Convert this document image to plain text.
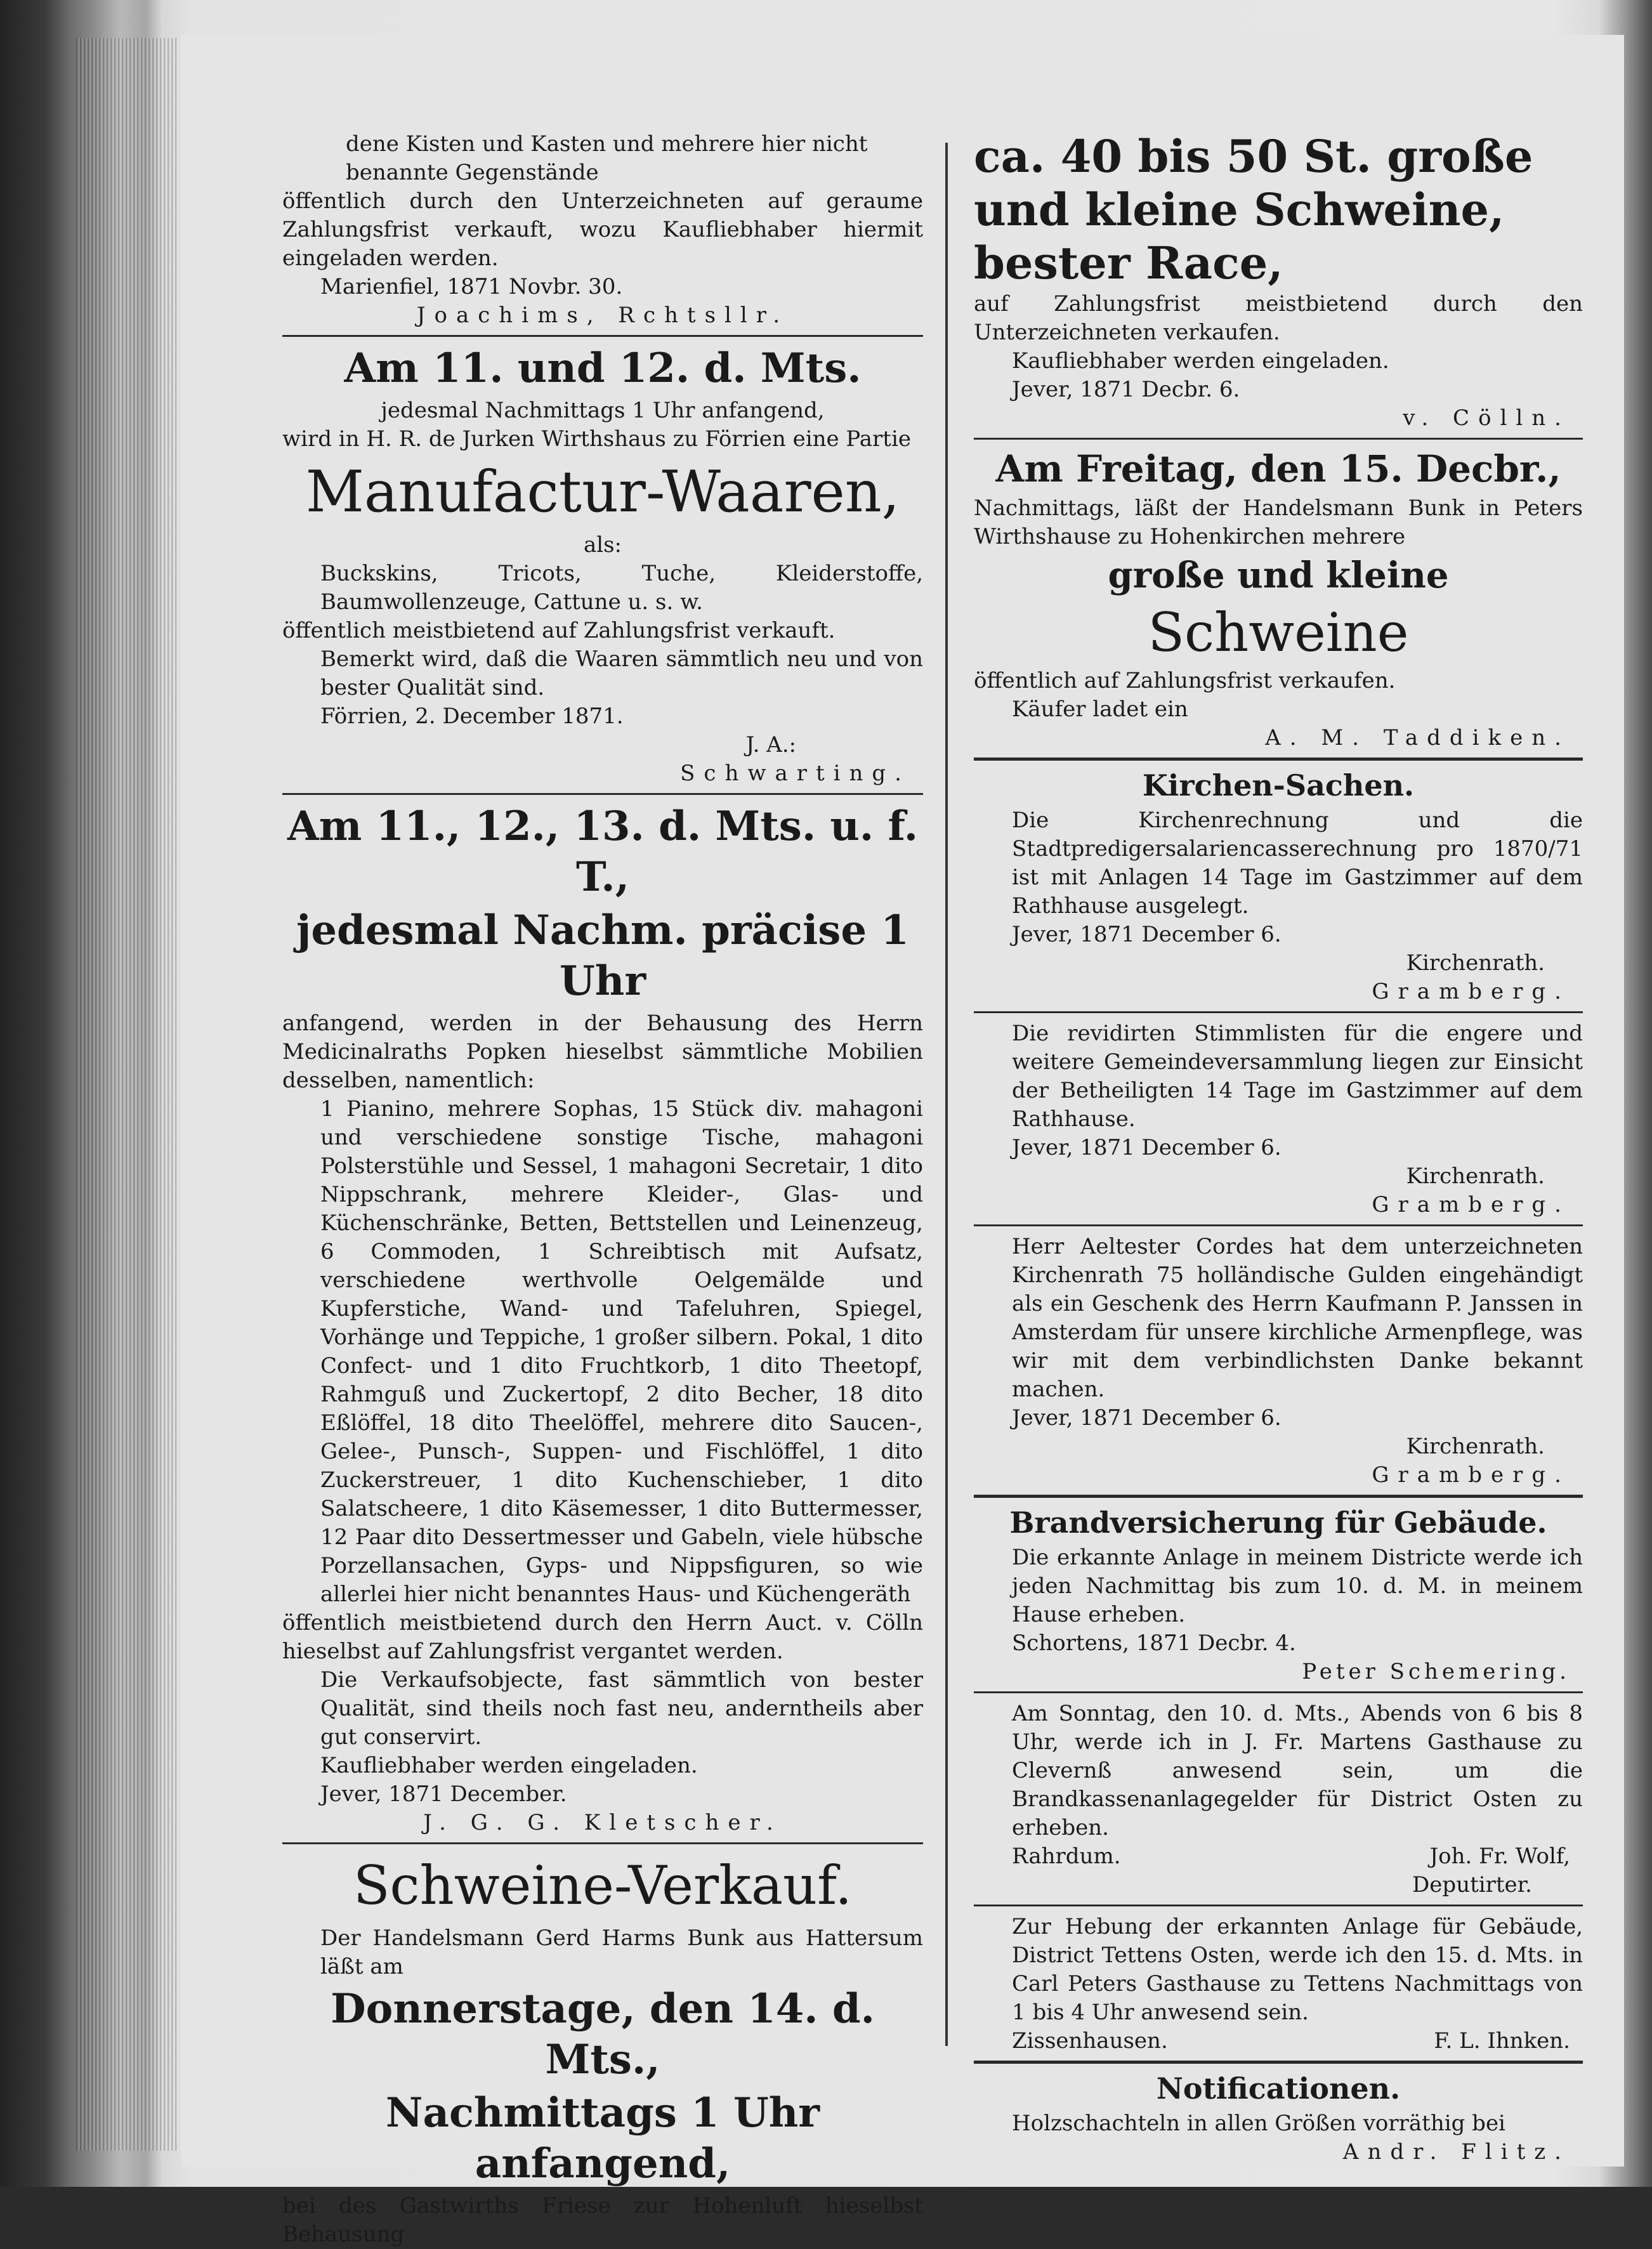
dene Kisten und Kasten und mehrere hier nicht

benannte Gegenstände

öffentlich durch den Unterzeichneten auf geraume Zahlungsfrist verkauft, wozu Kaufliebhaber hiermit eingeladen werden.

Marienfiel, 1871 Novbr. 30.

Joachims, Rchtsllr.

Am 11. und 12. d. Mts.

jedesmal Nachmittags 1 Uhr anfangend,

wird in H. R. de Jurken Wirthshaus zu Förrien eine Partie

Manufactur-Waaren,

als:

Buckskins, Tricots, Tuche, Kleiderstoffe, Baumwollenzeuge, Cattune u. s. w.

öffentlich meistbietend auf Zahlungsfrist verkauft.

Bemerkt wird, daß die Waaren sämmtlich neu und von bester Qualität sind.

Förrien, 2. December 1871.

J. A.:

Schwarting.

Am 11., 12., 13. d. Mts. u. f. T.,

jedesmal Nachm. präcise 1 Uhr

anfangend, werden in der Behausung des Herrn Medicinalraths Popken hieselbst sämmtliche Mobilien desselben, namentlich:

1 Pianino, mehrere Sophas, 15 Stück div. mahagoni und verschiedene sonstige Tische, mahagoni Polsterstühle und Sessel, 1 mahagoni Secretair, 1 dito Nippschrank, mehrere Kleider-, Glas- und Küchenschränke, Betten, Bettstellen und Leinenzeug, 6 Commoden, 1 Schreibtisch mit Aufsatz, verschiedene werthvolle Oelgemälde und Kupferstiche, Wand- und Tafeluhren, Spiegel, Vorhänge und Teppiche, 1 großer silbern. Pokal, 1 dito Confect- und 1 dito Fruchtkorb, 1 dito Theetopf, Rahmguß und Zuckertopf, 2 dito Becher, 18 dito Eßlöffel, 18 dito Theelöffel, mehrere dito Saucen-, Gelee-, Punsch-, Suppen- und Fischlöffel, 1 dito Zuckerstreuer, 1 dito Kuchenschieber, 1 dito Salatscheere, 1 dito Käsemesser, 1 dito Buttermesser, 12 Paar dito Dessertmesser und Gabeln, viele hübsche Porzellansachen, Gyps- und Nippsfiguren, so wie allerlei hier nicht benanntes Haus- und Küchengeräth

öffentlich meistbietend durch den Herrn Auct. v. Cölln hieselbst auf Zahlungsfrist vergantet werden.

Die Verkaufsobjecte, fast sämmtlich von bester Qualität, sind theils noch fast neu, anderntheils aber gut conservirt.

Kaufliebhaber werden eingeladen.

Jever, 1871 December.

J. G. G. Kletscher.

Schweine-Verkauf.

Der Handelsmann Gerd Harms Bunk aus Hattersum läßt am

Donnerstage, den 14. d. Mts.,

Nachmittags 1 Uhr anfangend,

bei des Gastwirths Friese zur Hohenluft hieselbst Behausung

ca. 40 bis 50 St. große und kleine Schweine, bester Race,

auf Zahlungsfrist meistbietend durch den Unterzeichneten verkaufen.

Kaufliebhaber werden eingeladen.

Jever, 1871 Decbr. 6.

v. Cölln.

Am Freitag, den 15. Decbr.,

Nachmittags, läßt der Handelsmann Bunk in Peters Wirthshause zu Hohenkirchen mehrere

große und kleine

Schweine

öffentlich auf Zahlungsfrist verkaufen.

Käufer ladet ein

A. M. Taddiken.

Kirchen-Sachen.

Die Kirchenrechnung und die Stadtpredigersalariencasserechnung pro 1870/71 ist mit Anlagen 14 Tage im Gastzimmer auf dem Rathhause ausgelegt.

Jever, 1871 December 6.

Kirchenrath.

Gramberg.

Die revidirten Stimmlisten für die engere und weitere Gemeindeversammlung liegen zur Einsicht der Betheiligten 14 Tage im Gastzimmer auf dem Rathhause.

Jever, 1871 December 6.

Kirchenrath.

Gramberg.

Herr Aeltester Cordes hat dem unterzeichneten Kirchenrath 75 holländische Gulden eingehändigt als ein Geschenk des Herrn Kaufmann P. Janssen in Amsterdam für unsere kirchliche Armenpflege, was wir mit dem verbindlichsten Danke bekannt machen.

Jever, 1871 December 6.

Kirchenrath.

Gramberg.

Brandversicherung für Gebäude.

Die erkannte Anlage in meinem Districte werde ich jeden Nachmittag bis zum 10. d. M. in meinem Hause erheben.

Schortens, 1871 Decbr. 4.

Peter Schemering.

Am Sonntag, den 10. d. Mts., Abends von 6 bis 8 Uhr, werde ich in J. Fr. Martens Gasthause zu Clevernß anwesend sein, um die Brandkassenanlagegelder für District Osten zu erheben.

Rahrdum.	Joh. Fr. Wolf,

Deputirter.

Zur Hebung der erkannten Anlage für Gebäude, District Tettens Osten, werde ich den 15. d. Mts. in Carl Peters Gasthause zu Tettens Nachmittags von 1 bis 4 Uhr anwesend sein.

Zissenhausen.	F. L. Ihnken.

Notificationen.

Holzschachteln in allen Größen vorräthig bei

Andr. Flitz.
